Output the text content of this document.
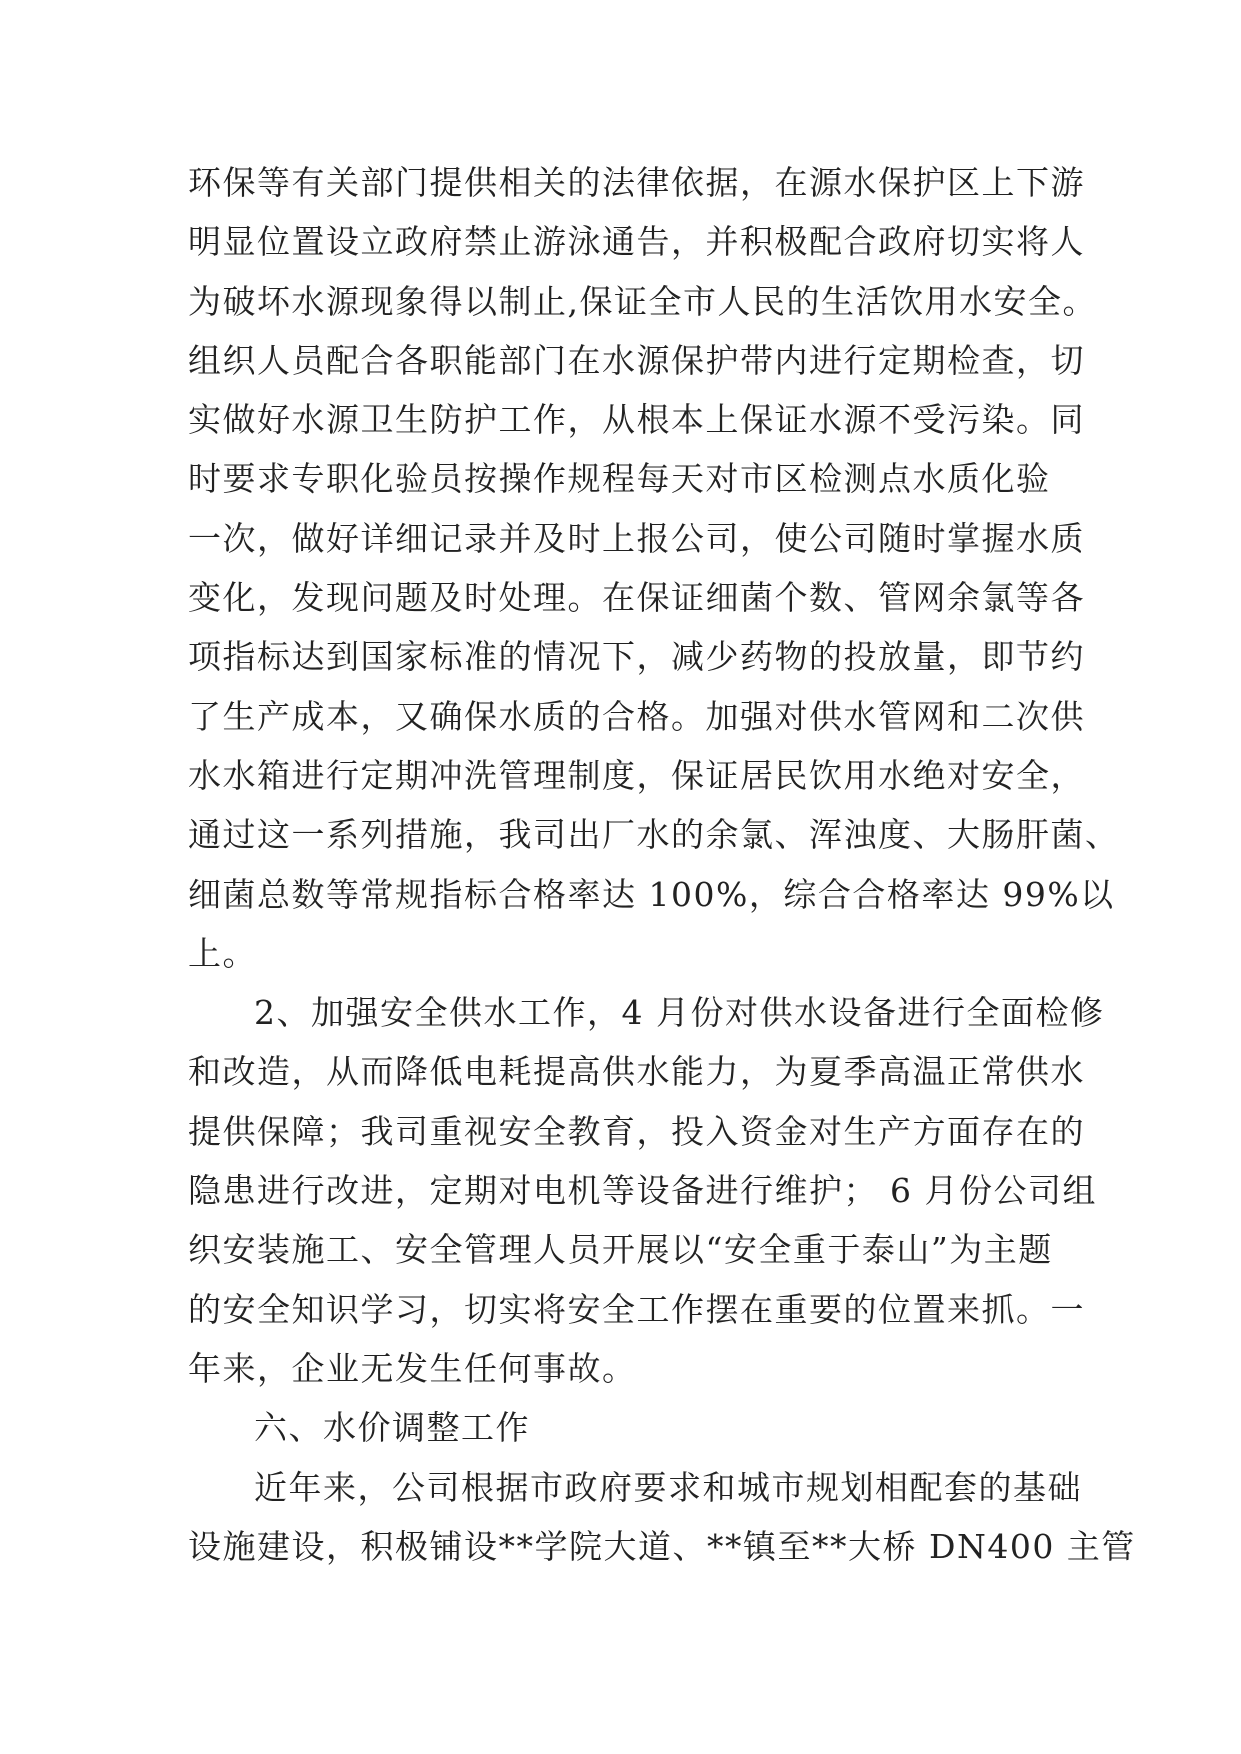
环保等有关部门提供相关的法律依据，在源水保护区上下游
明显位置设立政府禁止游泳通告，并积极配合政府切实将人
为破坏水源现象得以制止,保证全市人民的生活饮用水安全。
组织人员配合各职能部门在水源保护带内进行定期检查，切
实做好水源卫生防护工作，从根本上保证水源不受污染。同
时要求专职化验员按操作规程每天对市区检测点水质化验
一次，做好详细记录并及时上报公司，使公司随时掌握水质
变化，发现问题及时处理。在保证细菌个数、管网余氯等各
项指标达到国家标准的情况下，减少药物的投放量，即节约
了生产成本，又确保水质的合格。加强对供水管网和二次供
水水箱进行定期冲洗管理制度，保证居民饮用水绝对安全，
通过这一系列措施，我司出厂水的余氯、浑浊度、大肠肝菌、
细菌总数等常规指标合格率达 100%，综合合格率达 99%以
上。
2、加强安全供水工作，4 月份对供水设备进行全面检修
和改造，从而降低电耗提高供水能力，为夏季高温正常供水
提供保障；我司重视安全教育，投入资金对生产方面存在的
隐患进行改进，定期对电机等设备进行维护； 6 月份公司组
织安装施工、安全管理人员开展以“安全重于泰山”为主题
的安全知识学习，切实将安全工作摆在重要的位置来抓。一
年来，企业无发生任何事故。
六、水价调整工作
近年来，公司根据市政府要求和城市规划相配套的基础
设施建设，积极铺设**学院大道、**镇至**大桥 DN400 主管
